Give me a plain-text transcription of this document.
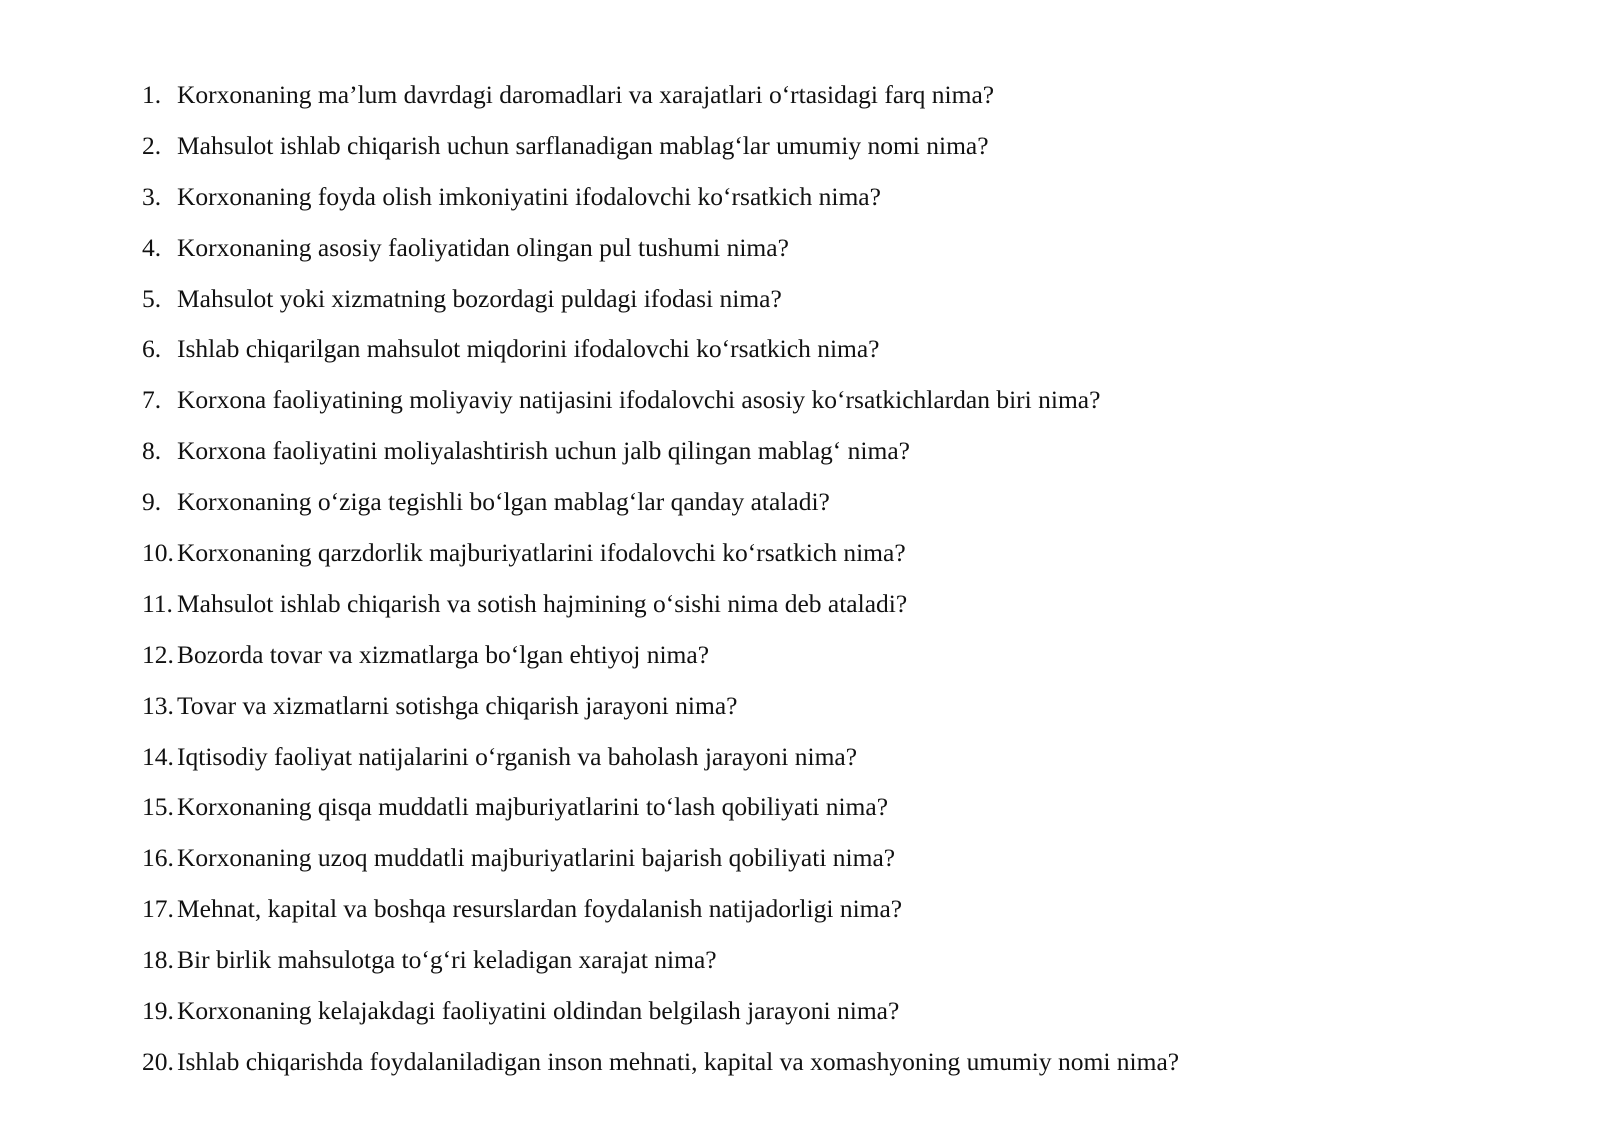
1. Korxonaning ma’lum davrdagi daromadlari va xarajatlari o‘rtasidagi farq nima?
2. Mahsulot ishlab chiqarish uchun sarflanadigan mablag‘lar umumiy nomi nima?
3. Korxonaning foyda olish imkoniyatini ifodalovchi ko‘rsatkich nima?
4. Korxonaning asosiy faoliyatidan olingan pul tushumi nima?
5. Mahsulot yoki xizmatning bozordagi puldagi ifodasi nima?
6. Ishlab chiqarilgan mahsulot miqdorini ifodalovchi ko‘rsatkich nima?
7. Korxona faoliyatining moliyaviy natijasini ifodalovchi asosiy ko‘rsatkichlardan biri nima?
8. Korxona faoliyatini moliyalashtirish uchun jalb qilingan mablag‘ nima?
9. Korxonaning o‘ziga tegishli bo‘lgan mablag‘lar qanday ataladi?
10. Korxonaning qarzdorlik majburiyatlarini ifodalovchi ko‘rsatkich nima?
11. Mahsulot ishlab chiqarish va sotish hajmining o‘sishi nima deb ataladi?
12. Bozorda tovar va xizmatlarga bo‘lgan ehtiyoj nima?
13. Tovar va xizmatlarni sotishga chiqarish jarayoni nima?
14. Iqtisodiy faoliyat natijalarini o‘rganish va baholash jarayoni nima?
15. Korxonaning qisqa muddatli majburiyatlarini to‘lash qobiliyati nima?
16. Korxonaning uzoq muddatli majburiyatlarini bajarish qobiliyati nima?
17. Mehnat, kapital va boshqa resurslardan foydalanish natijadorligi nima?
18. Bir birlik mahsulotga to‘g‘ri keladigan xarajat nima?
19. Korxonaning kelajakdagi faoliyatini oldindan belgilash jarayoni nima?
20. Ishlab chiqarishda foydalaniladigan inson mehnati, kapital va xomashyoning umumiy nomi nima?
